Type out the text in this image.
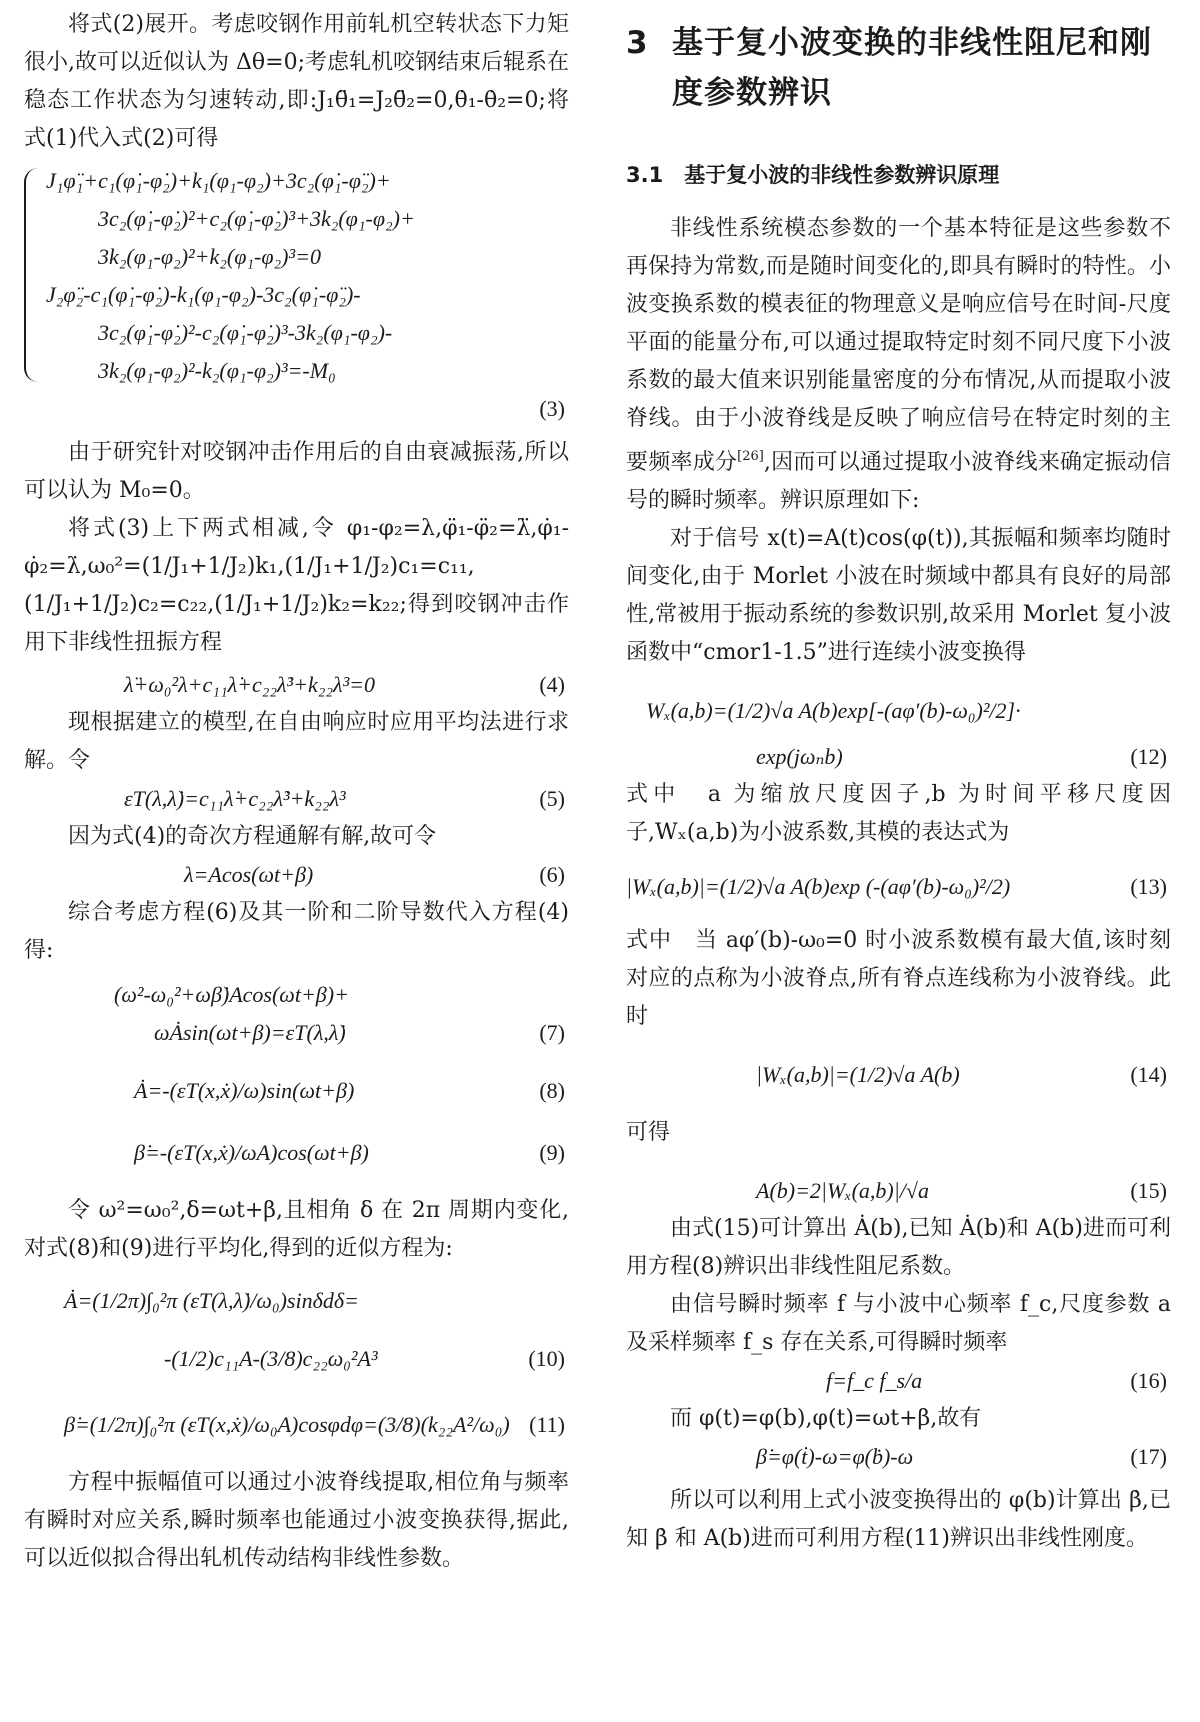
将式(2)展开。考虑咬钢作用前轧机空转状态下力矩很小,故可以近似认为 Δθ=0;考虑轧机咬钢结束后辊系在稳态工作状态为匀速转动,即:J₁θ̈₁=J₂θ̈₂=0,θ̇₁-θ̇₂=0;将式(1)代入式(2)可得

J₁φ̈₁+c₁(φ̇₁-φ̇₂)+k₁(φ₁-φ₂)+3c₂(φ̇₁-φ̈₂)+
3c₂(φ̇₁-φ̇₂)²+c₂(φ̇₁-φ̇₂)³+3k₂(φ₁-φ₂)+
3k₂(φ₁-φ₂)²+k₂(φ₁-φ₂)³=0
J₂φ̈₂-c₁(φ̇₁-φ̇₂)-k₁(φ₁-φ₂)-3c₂(φ̇₁-φ̈₂)-
3c₂(φ̇₁-φ̇₂)²-c₂(φ̇₁-φ̇₂)³-3k₂(φ₁-φ₂)-
3k₂(φ₁-φ₂)²-k₂(φ₁-φ₂)³=-M₀
(3)

由于研究针对咬钢冲击作用后的自由衰减振荡,所以可以认为 M₀=0。

将式(3)上下两式相减,令 φ₁-φ₂=λ,φ̈₁-φ̈₂=λ̈,φ̇₁-φ̇₂=λ̇,ω₀²=(1/J₁+1/J₂)k₁,(1/J₁+1/J₂)c₁=c₁₁,(1/J₁+1/J₂)c₂=c₂₂,(1/J₁+1/J₂)k₂=k₂₂;得到咬钢冲击作用下非线性扭振方程

λ̈+ω₀²λ+c₁₁λ̇+c₂₂λ̇³+k₂₂λ³=0	(4)

现根据建立的模型,在自由响应时应用平均法进行求解。令

εT(λ,λ̇)=c₁₁λ̇+c₂₂λ̇³+k₂₂λ³	(5)

因为式(4)的奇次方程通解有解,故可令

λ=Acos(ωt+β)	(6)

综合考虑方程(6)及其一阶和二阶导数代入方程(4)得:

(ω²-ω₀²+ωβ̇)Acos(ωt+β)+
ωȦsin(ωt+β)=εT(λ,λ̇)	(7)
Ȧ=-(εT(x,ẋ)/ω)sin(ωt+β)	(8)
β̇=-(εT(x,ẋ)/ωA)cos(ωt+β)	(9)

令 ω²=ω₀²,δ=ωt+β,且相角 δ 在 2π 周期内变化,对式(8)和(9)进行平均化,得到的近似方程为:

Ȧ=(1/2π)∫₀²π (εT(λ,λ̇)/ω₀)sinδdδ=
-(1/2)c₁₁A-(3/8)c₂₂ω₀²A³	(10)
β̇=(1/2π)∫₀²π (εT(x,ẋ)/ω₀A)cosφdφ=(3/8)(k₂₂A²/ω₀) (11)

方程中振幅值可以通过小波脊线提取,相位角与频率有瞬时对应关系,瞬时频率也能通过小波变换获得,据此,可以近似拟合得出轧机传动结构非线性参数。

3 基于复小波变换的非线性阻尼和刚
度参数辨识
3.1　基于复小波的非线性参数辨识原理

非线性系统模态参数的一个基本特征是这些参数不再保持为常数,而是随时间变化的,即具有瞬时的特性。小波变换系数的模表征的物理意义是响应信号在时间-尺度平面的能量分布,可以通过提取特定时刻不同尺度下小波系数的最大值来识别能量密度的分布情况,从而提取小波脊线。由于小波脊线是反映了响应信号在特定时刻的主要频率成分[26],因而可以通过提取小波脊线来确定振动信号的瞬时频率。辨识原理如下:

对于信号 x(t)=A(t)cos(φ(t)),其振幅和频率均随时间变化,由于 Morlet 小波在时频域中都具有良好的局部性,常被用于振动系统的参数识别,故采用 Morlet 复小波函数中“cmor1-1.5”进行连续小波变换得

Wₓ(a,b)=(1/2)√a A(b)exp[-(aφ′(b)-ω₀)²/2]·
exp(jωₙb)	(12)

式中　a 为缩放尺度因子,b 为时间平移尺度因子,Wₓ(a,b)为小波系数,其模的表达式为

|Wₓ(a,b)|=(1/2)√a A(b)exp (-(aφ′(b)-ω₀)²/2)	(13)

式中　当 aφ′(b)-ω₀=0 时小波系数模有最大值,该时刻对应的点称为小波脊点,所有脊点连线称为小波脊线。此时

|Wₓ(a,b)|=(1/2)√a A(b)	(14)

可得

A(b)=2|Wₓ(a,b)|/√a	(15)

由式(15)可计算出 Ȧ(b),已知 Ȧ(b)和 A(b)进而可利用方程(8)辨识出非线性阻尼系数。

由信号瞬时频率 f 与小波中心频率 f_c,尺度参数 a 及采样频率 f_s 存在关系,可得瞬时频率

f=f_c f_s/a	(16)

而 φ(t)=φ(b),φ(t)=ωt+β,故有

β̇=φ(ṫ)-ω=φ(ḃ)-ω	(17)

所以可以利用上式小波变换得出的 φ(b)计算出 β̇,已知 β̇ 和 A(b)进而可利用方程(11)辨识出非线性刚度。
